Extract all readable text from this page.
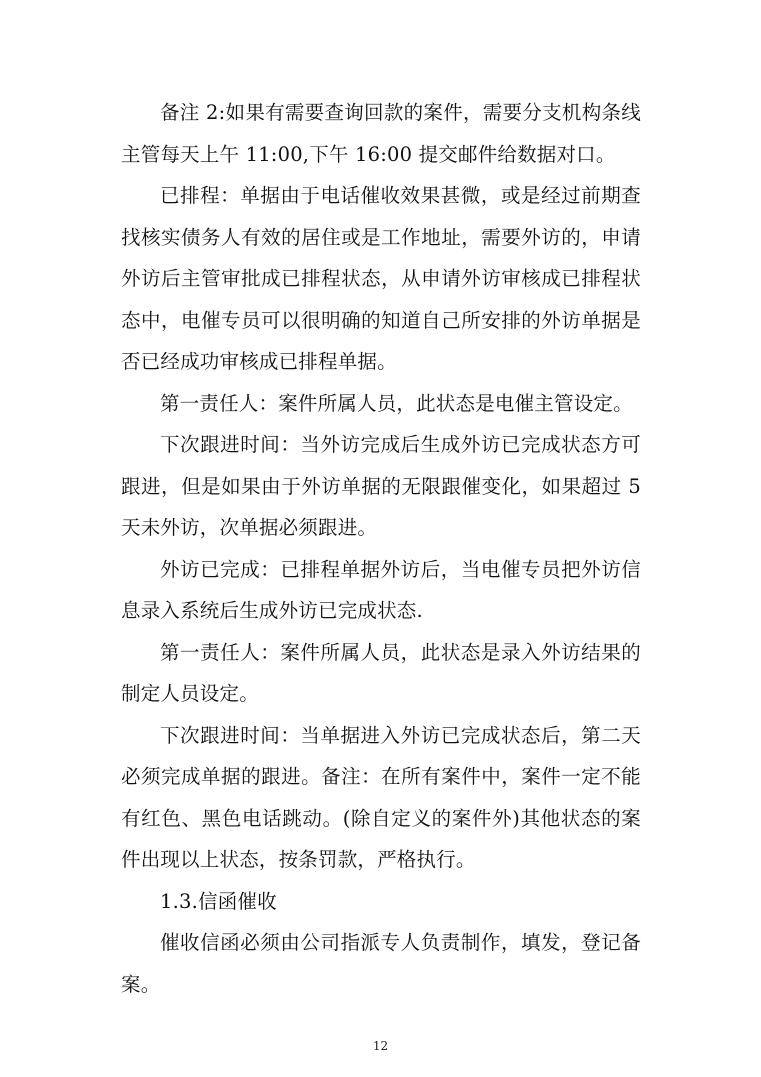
备注 2:如果有需要查询回款的案件，需要分支机构条线主管每天上午 11:00,下午 16:00 提交邮件给数据对口。

已排程：单据由于电话催收效果甚微，或是经过前期查找核实债务人有效的居住或是工作地址，需要外访的，申请外访后主管审批成已排程状态，从申请外访审核成已排程状态中，电催专员可以很明确的知道自己所安排的外访单据是否已经成功审核成已排程单据。

第一责任人：案件所属人员，此状态是电催主管设定。

下次跟进时间：当外访完成后生成外访已完成状态方可跟进，但是如果由于外访单据的无限跟催变化，如果超过 5 天未外访，次单据必须跟进。

外访已完成：已排程单据外访后，当电催专员把外访信息录入系统后生成外访已完成状态.

第一责任人：案件所属人员，此状态是录入外访结果的制定人员设定。

下次跟进时间：当单据进入外访已完成状态后，第二天必须完成单据的跟进。备注：在所有案件中，案件一定不能有红色、黑色电话跳动。(除自定义的案件外)其他状态的案件出现以上状态，按条罚款，严格执行。

1.3.信函催收

催收信函必须由公司指派专人负责制作，填发，登记备案。

12
